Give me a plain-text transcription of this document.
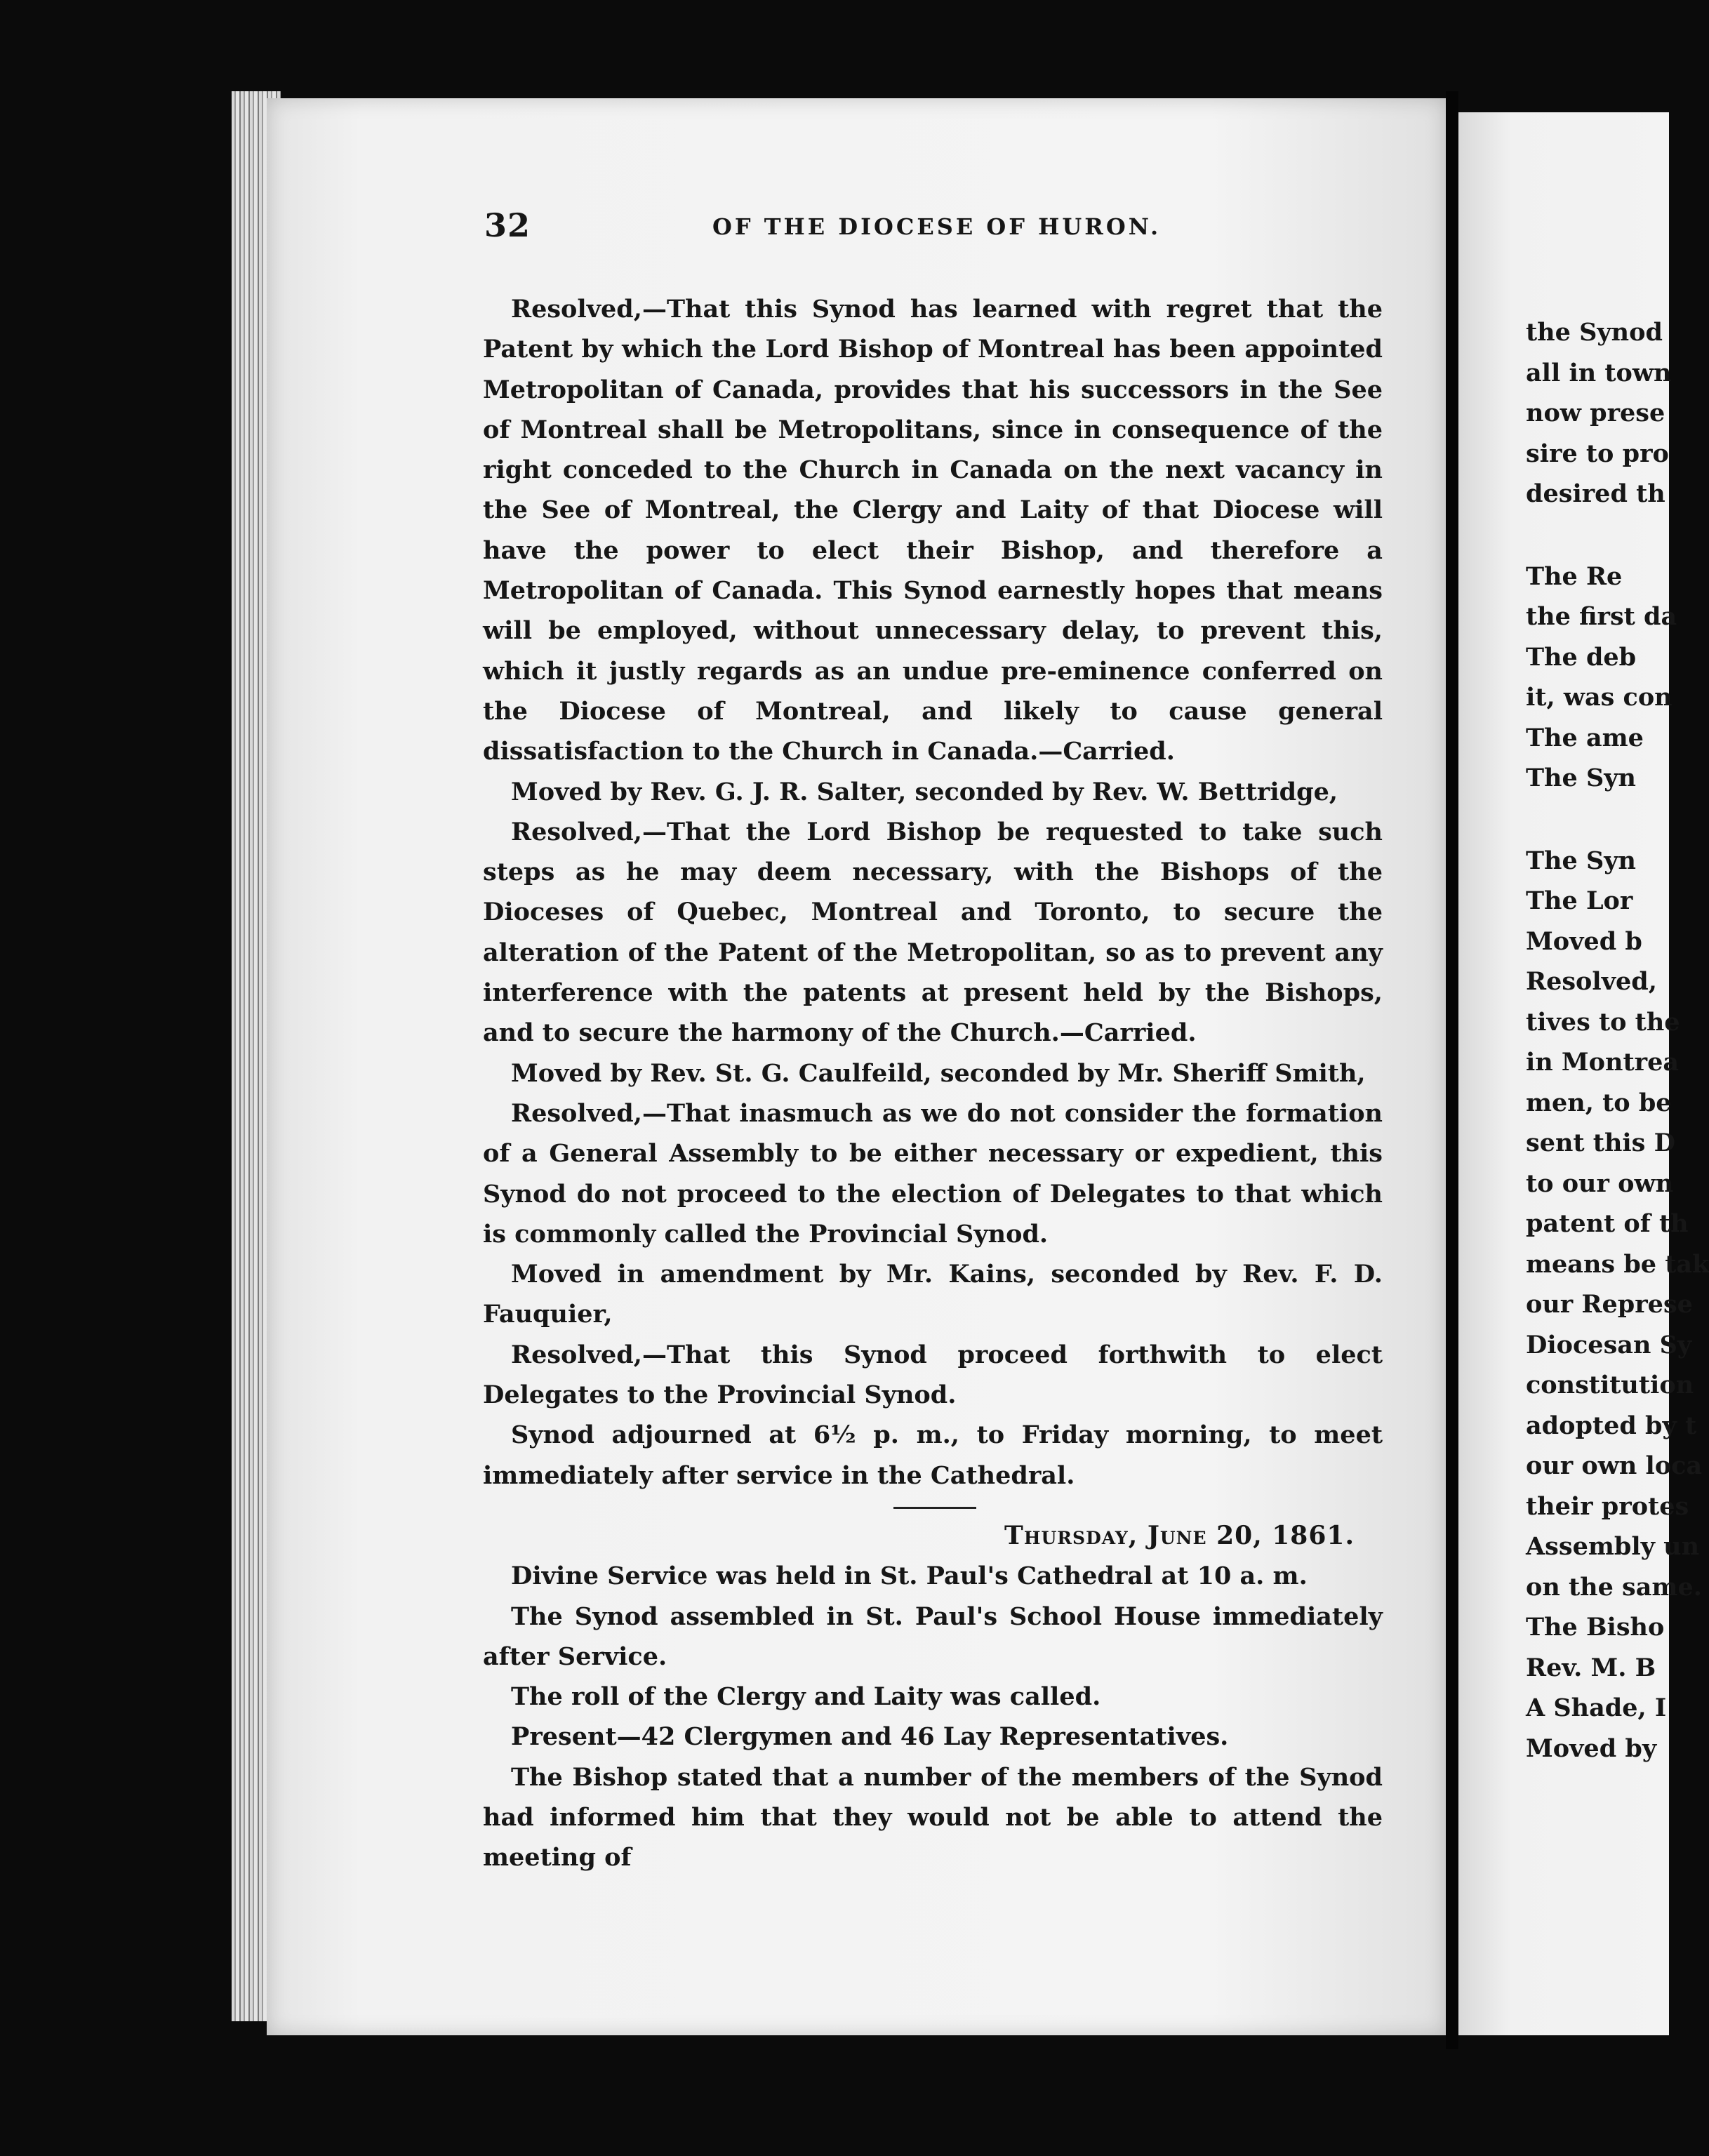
32	OF THE DIOCESE OF HURON.

Resolved,—That this Synod has learned with regret that the Patent by which the Lord Bishop of Montreal has been appointed Metropolitan of Canada, provides that his successors in the See of Montreal shall be Metropolitans, since in consequence of the right conceded to the Church in Canada on the next vacancy in the See of Montreal, the Clergy and Laity of that Diocese will have the power to elect their Bishop, and therefore a Metropolitan of Canada. This Synod earnestly hopes that means will be employed, without unnecessary delay, to prevent this, which it justly regards as an undue pre-eminence conferred on the Diocese of Montreal, and likely to cause general dissatisfaction to the Church in Canada.—Carried.

Moved by Rev. G. J. R. Salter, seconded by Rev. W. Bettridge,

Resolved,—That the Lord Bishop be requested to take such steps as he may deem necessary, with the Bishops of the Dioceses of Quebec, Montreal and Toronto, to secure the alteration of the Patent of the Metropolitan, so as to prevent any interference with the patents at present held by the Bishops, and to secure the harmony of the Church.—Carried.

Moved by Rev. St. G. Caulfeild, seconded by Mr. Sheriff Smith,

Resolved,—That inasmuch as we do not consider the formation of a General Assembly to be either necessary or expedient, this Synod do not proceed to the election of Delegates to that which is commonly called the Provincial Synod.

Moved in amendment by Mr. Kains, seconded by Rev. F. D. Fauquier,

Resolved,—That this Synod proceed forthwith to elect Delegates to the Provincial Synod.

Synod adjourned at 6½ p. m., to Friday morning, to meet immediately after service in the Cathedral.

Thursday, June 20, 1861.

Divine Service was held in St. Paul's Cathedral at 10 a. m.

The Synod assembled in St. Paul's School House immediately after Service.

The roll of the Clergy and Laity was called.

Present—42 Clergymen and 46 Lay Representatives.

The Bishop stated that a number of the members of the Synod had informed him that they would not be able to attend the meeting of

the Synod
all in town
now prese
sire to pro
desired th
The Re
the first da
The deb
it, was con
The ame
The Syn
The Syn
The Lor
Moved b
Resolved,
tives to the
in Montrea
men, to be
sent this D
to our own
patent of th
means be tak
our Represe
Diocesan Sy
constitution
adopted by t
our own loca
their protes
Assembly un
on the same.
The Bisho
Rev. M. B
A Shade, I
Moved by
